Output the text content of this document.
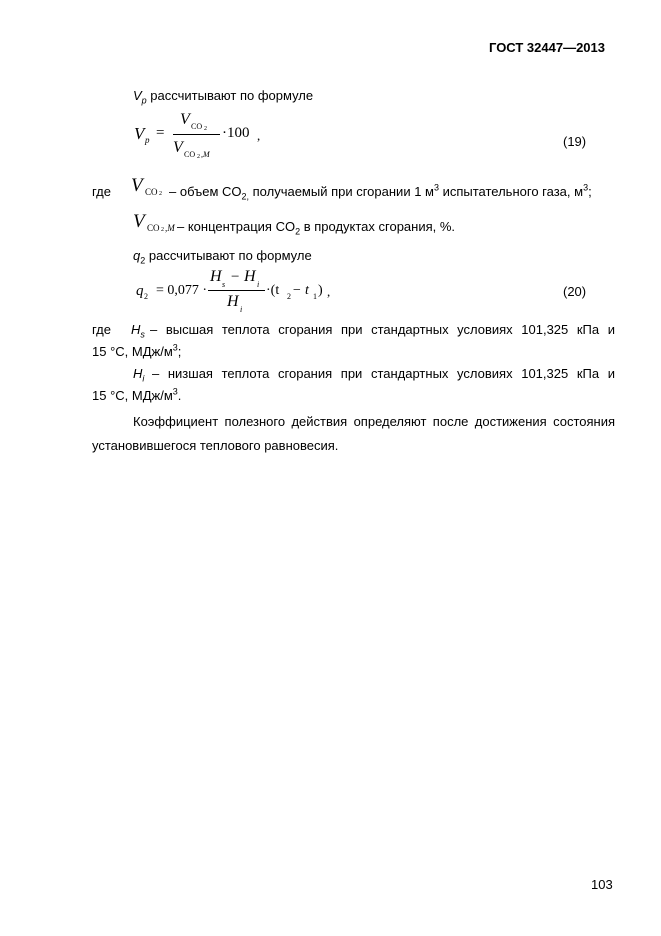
ГОСТ 32447—2013
$V_p$ рассчитывают по формуле
V p =
V CO 2
V CO 2 ,M
·100 ,	(19)
где V CO 2 – объем $CO_{2,}$ получаемый при сгорании 1 $м^3$ испытательного газа, $м^3$;
V CO 2 ,M – концентрация $CO_2$ в продуктах сгорания, %.
$q_2$ рассчитывают по формуле
q 2 = 0,077 ·
H s − H i
H i
·(t 2 − t 1 ) ,	(20)
где $H_s$ – высшая теплота сгорания при стандартных условиях 101,325 кПа и
15 °С, МДж/$м^3$;
$H_i$ – низшая теплота сгорания при стандартных условиях 101,325 кПа и
15 °С, МДж/$м^3$.
Коэффициент полезного действия определяют после достижения состояния
установившегося теплового равновесия.
103
